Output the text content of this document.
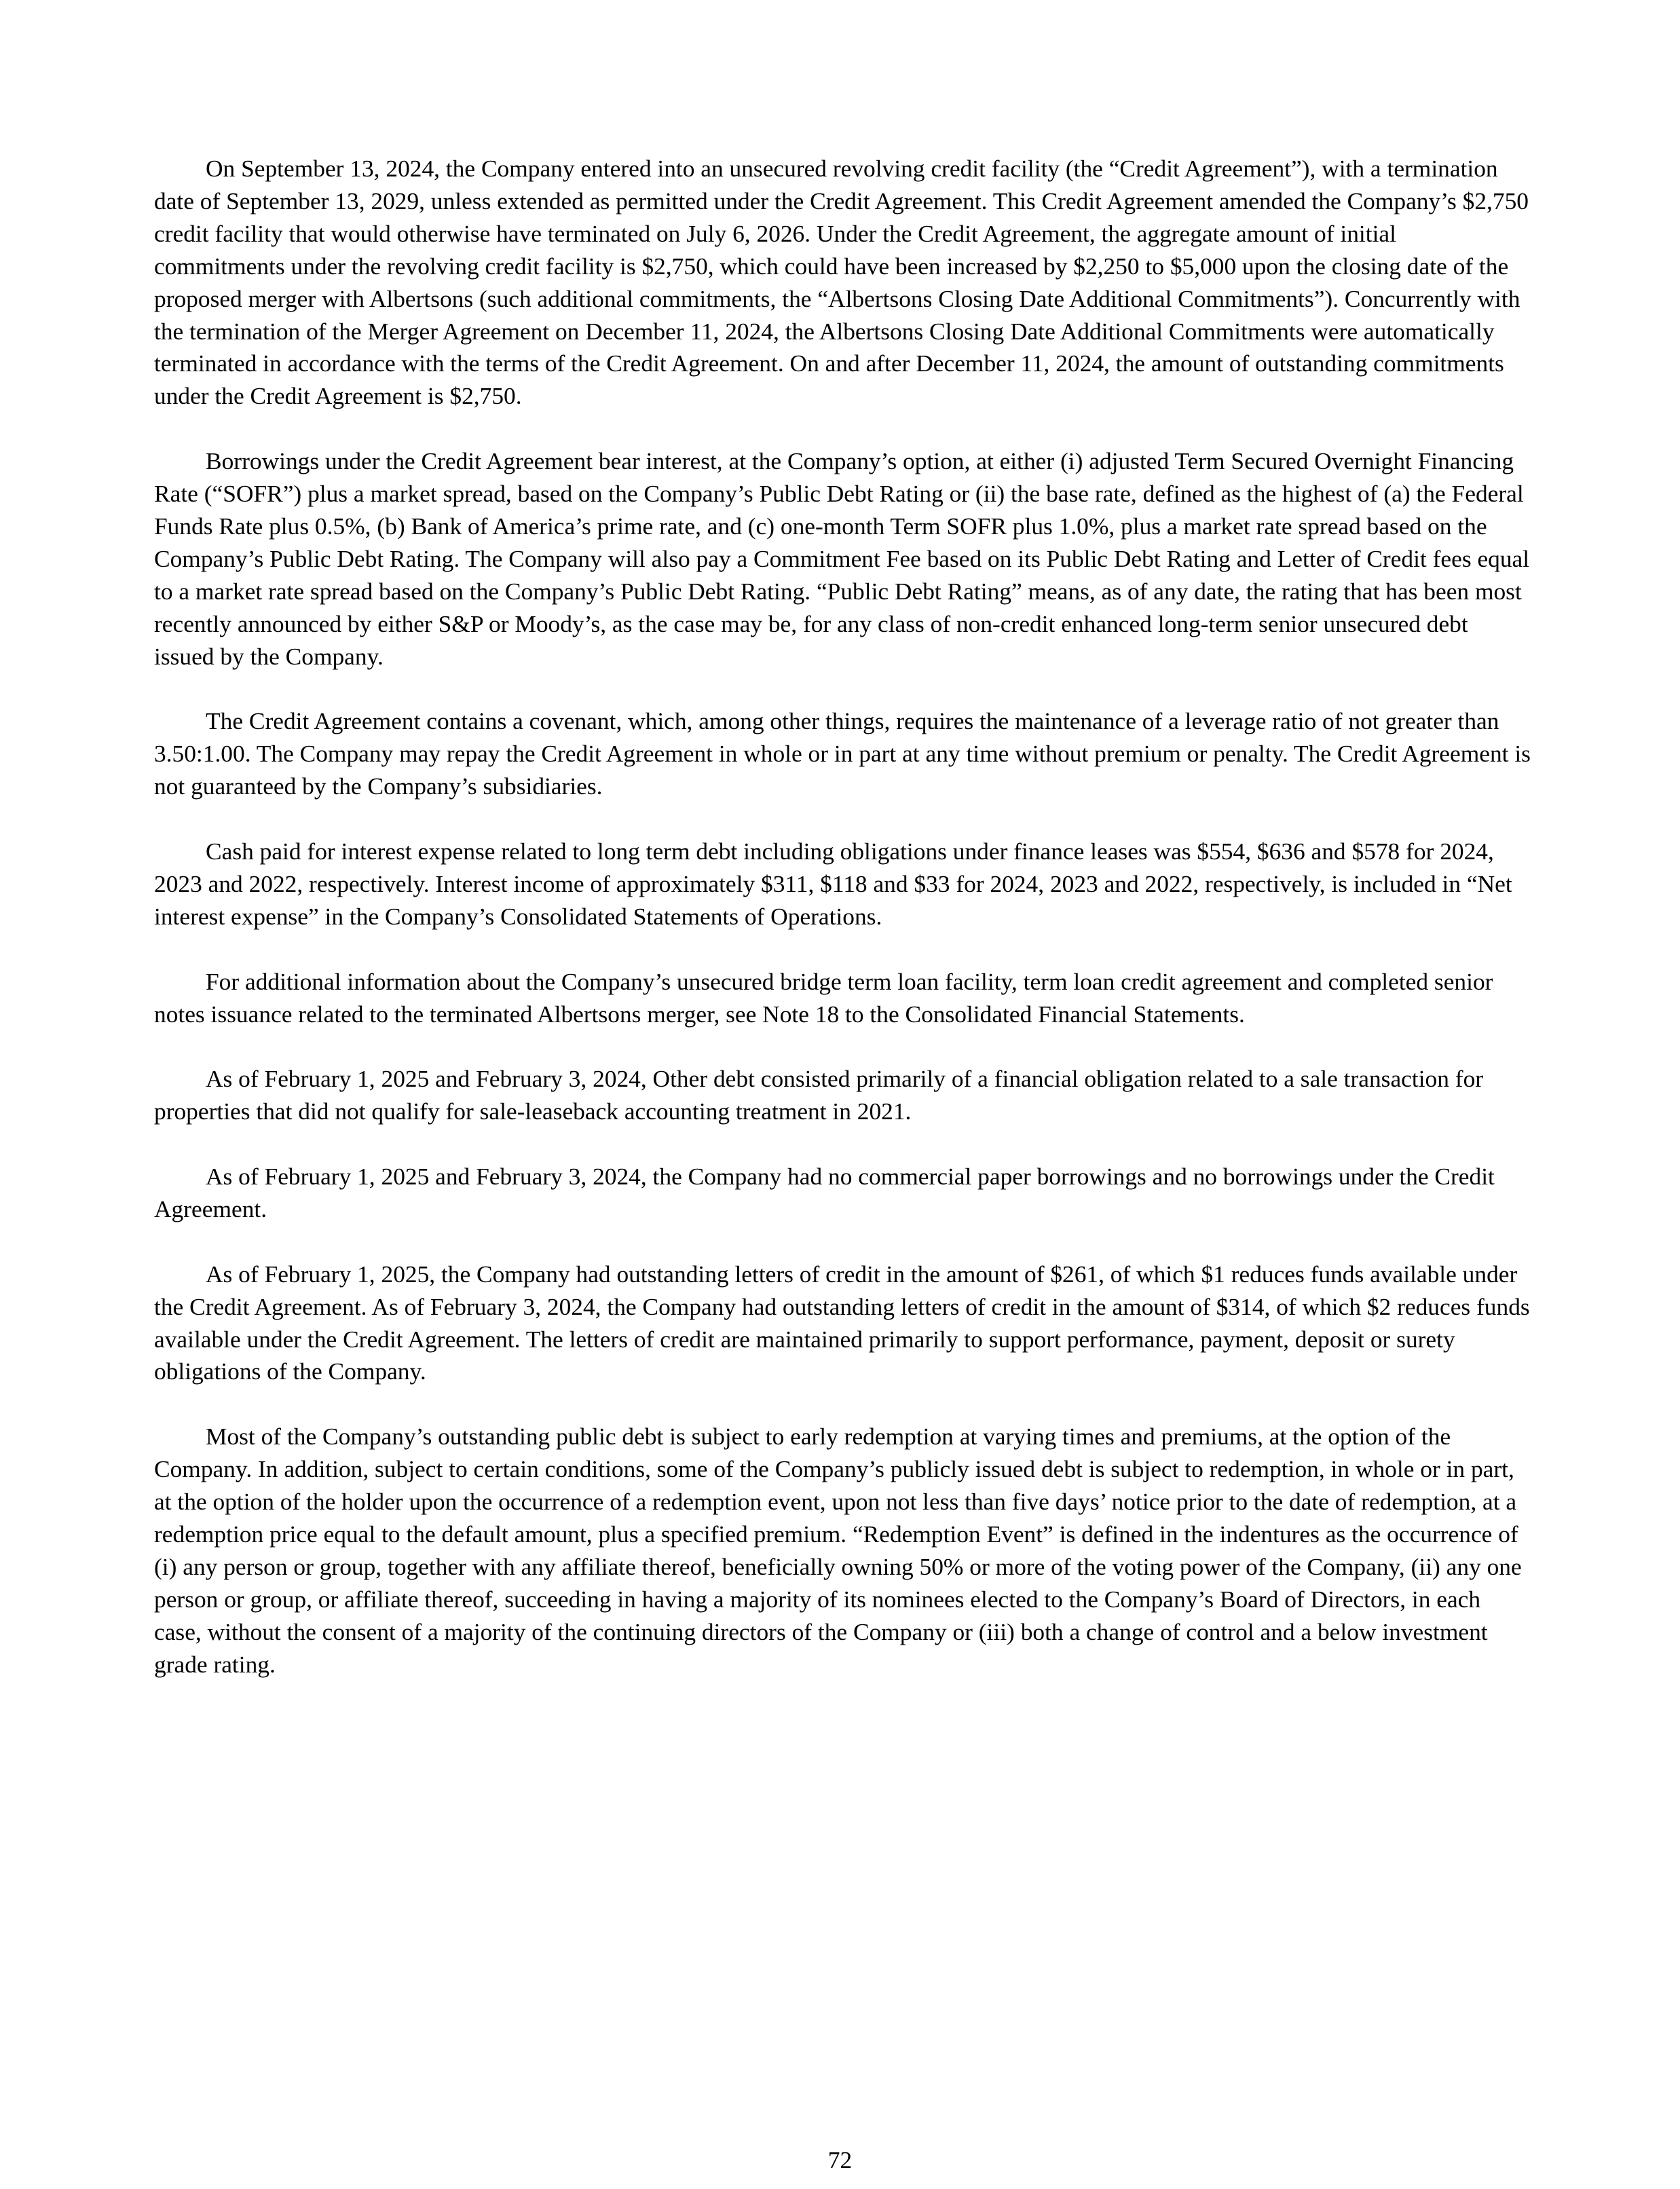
On September 13, 2024, the Company entered into an unsecured revolving credit facility (the “Credit Agreement”), with a termination date of September 13, 2029, unless extended as permitted under the Credit Agreement. This Credit Agreement amended the Company’s $2,750 credit facility that would otherwise have terminated on July 6, 2026. Under the Credit Agreement, the aggregate amount of initial commitments under the revolving credit facility is $2,750, which could have been increased by $2,250 to $5,000 upon the closing date of the proposed merger with Albertsons (such additional commitments, the “Albertsons Closing Date Additional Commitments”). Concurrently with the termination of the Merger Agreement on December 11, 2024, the Albertsons Closing Date Additional Commitments were automatically terminated in accordance with the terms of the Credit Agreement. On and after December 11, 2024, the amount of outstanding commitments under the Credit Agreement is $2,750.

Borrowings under the Credit Agreement bear interest, at the Company’s option, at either (i) adjusted Term Secured Overnight Financing Rate (“SOFR”) plus a market spread, based on the Company’s Public Debt Rating or (ii) the base rate, defined as the highest of (a) the Federal Funds Rate plus 0.5%, (b) Bank of America’s prime rate, and (c) one-month Term SOFR plus 1.0%, plus a market rate spread based on the Company’s Public Debt Rating. The Company will also pay a Commitment Fee based on its Public Debt Rating and Letter of Credit fees equal to a market rate spread based on the Company’s Public Debt Rating. “Public Debt Rating” means, as of any date, the rating that has been most recently announced by either S&P or Moody’s, as the case may be, for any class of non-credit enhanced long-term senior unsecured debt issued by the Company.

The Credit Agreement contains a covenant, which, among other things, requires the maintenance of a leverage ratio of not greater than 3.50:1.00. The Company may repay the Credit Agreement in whole or in part at any time without premium or penalty. The Credit Agreement is not guaranteed by the Company’s subsidiaries.

Cash paid for interest expense related to long term debt including obligations under finance leases was $554, $636 and $578 for 2024, 2023 and 2022, respectively. Interest income of approximately $311, $118 and $33 for 2024, 2023 and 2022, respectively, is included in “Net interest expense” in the Company’s Consolidated Statements of Operations.

For additional information about the Company’s unsecured bridge term loan facility, term loan credit agreement and completed senior notes issuance related to the terminated Albertsons merger, see Note 18 to the Consolidated Financial Statements.

As of February 1, 2025 and February 3, 2024, Other debt consisted primarily of a financial obligation related to a sale transaction for properties that did not qualify for sale-leaseback accounting treatment in 2021.

As of February 1, 2025 and February 3, 2024, the Company had no commercial paper borrowings and no borrowings under the Credit Agreement.

As of February 1, 2025, the Company had outstanding letters of credit in the amount of $261, of which $1 reduces funds available under the Credit Agreement. As of February 3, 2024, the Company had outstanding letters of credit in the amount of $314, of which $2 reduces funds available under the Credit Agreement. The letters of credit are maintained primarily to support performance, payment, deposit or surety obligations of the Company.

Most of the Company’s outstanding public debt is subject to early redemption at varying times and premiums, at the option of the Company. In addition, subject to certain conditions, some of the Company’s publicly issued debt is subject to redemption, in whole or in part, at the option of the holder upon the occurrence of a redemption event, upon not less than five days’ notice prior to the date of redemption, at a redemption price equal to the default amount, plus a specified premium. “Redemption Event” is defined in the indentures as the occurrence of (i) any person or group, together with any affiliate thereof, beneficially owning 50% or more of the voting power of the Company, (ii) any one person or group, or affiliate thereof, succeeding in having a majority of its nominees elected to the Company’s Board of Directors, in each case, without the consent of a majority of the continuing directors of the Company or (iii) both a change of control and a below investment grade rating.

72
